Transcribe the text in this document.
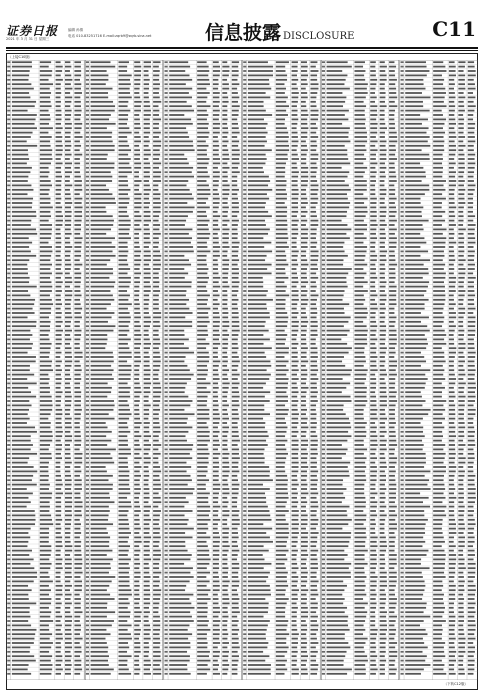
证券日报
2021 年 3 月 31 日 星期三
编辑 孙倩
电话 010-83251716 E-mail:zqrb9@zqrb.sina.net	信息披露 DISCLOSURE	C11
（上接C10版）
（下转C12版）
